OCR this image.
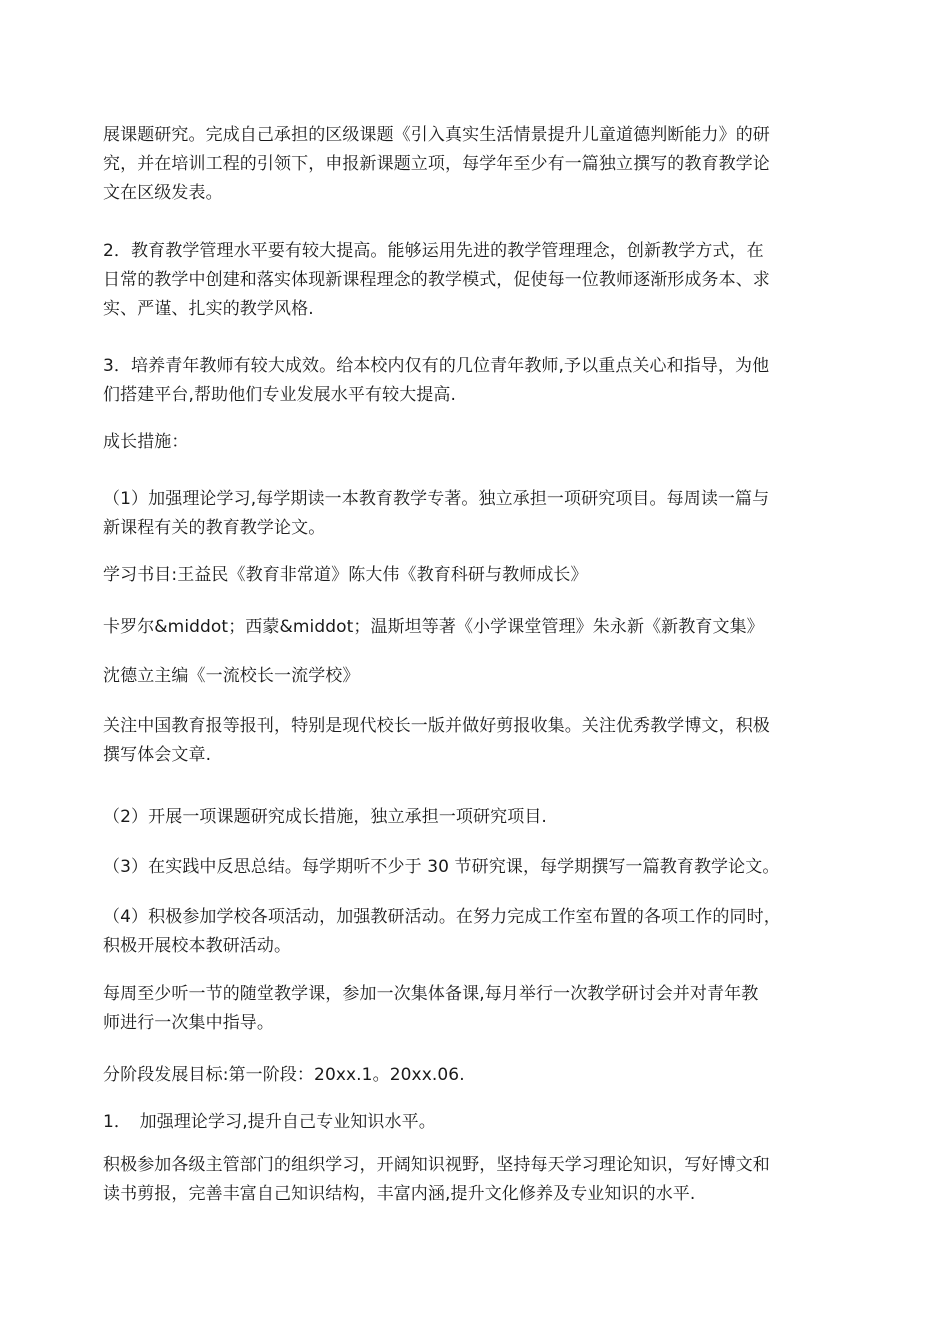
展课题研究。完成自己承担的区级课题《引入真实生活情景提升儿童道德判断能力》的研
究，并在培训工程的引领下，申报新课题立项，每学年至少有一篇独立撰写的教育教学论
文在区级发表。

2．教育教学管理水平要有较大提高。能够运用先进的教学管理理念，创新教学方式，在
日常的教学中创建和落实体现新课程理念的教学模式，促使每一位教师逐渐形成务本、求
实、严谨、扎实的教学风格.

3．培养青年教师有较大成效。给本校内仅有的几位青年教师,予以重点关心和指导，为他
们搭建平台,帮助他们专业发展水平有较大提高.

成长措施：

（1）加强理论学习,每学期读一本教育教学专著。独立承担一项研究项目。每周读一篇与
新课程有关的教育教学论文。

学习书目:王益民《教育非常道》陈大伟《教育科研与教师成长》

卡罗尔&middot；西蒙&middot；温斯坦等著《小学课堂管理》朱永新《新教育文集》

沈德立主编《一流校长一流学校》

关注中国教育报等报刊，特别是现代校长一版并做好剪报收集。关注优秀教学博文，积极
撰写体会文章.

（2）开展一项课题研究成长措施，独立承担一项研究项目.

（3）在实践中反思总结。每学期听不少于 30 节研究课，每学期撰写一篇教育教学论文。

（4）积极参加学校各项活动，加强教研活动。在努力完成工作室布置的各项工作的同时，
积极开展校本教研活动。

每周至少听一节的随堂教学课，参加一次集体备课,每月举行一次教学研讨会并对青年教
师进行一次集中指导。

分阶段发展目标:第一阶段：20xx.1。20xx.06.

1．　加强理论学习,提升自己专业知识水平。

积极参加各级主管部门的组织学习，开阔知识视野，坚持每天学习理论知识，写好博文和
读书剪报，完善丰富自己知识结构，丰富内涵,提升文化修养及专业知识的水平.
